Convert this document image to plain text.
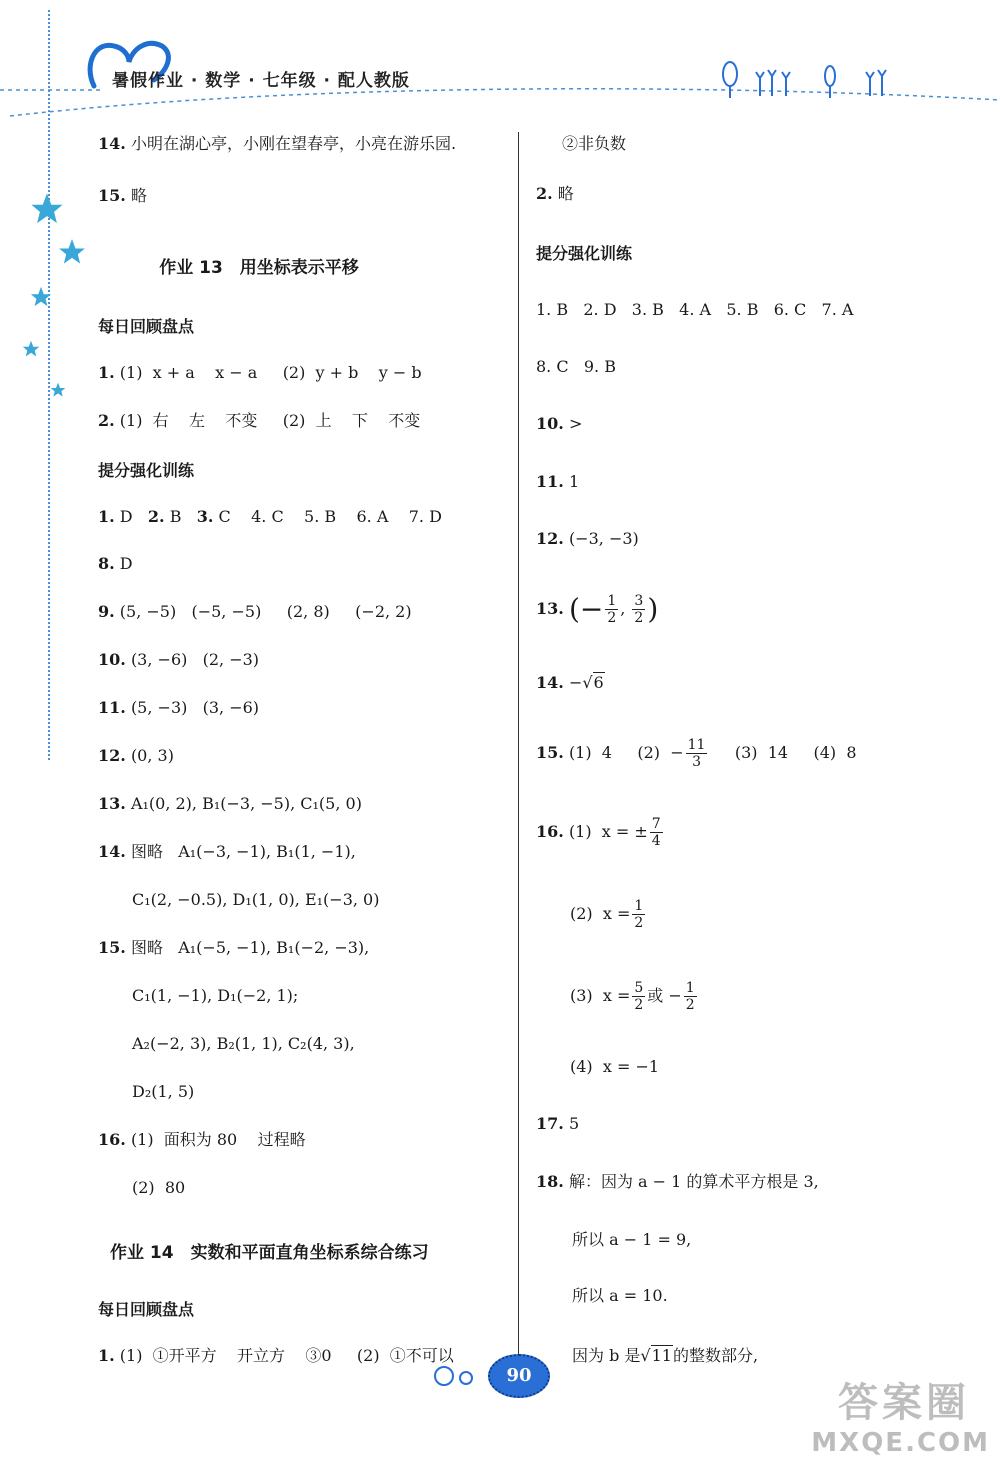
暑假作业 · 数学 · 七年级 · 配人教版
14. 小明在湖心亭，小刚在望春亭，小亮在游乐园.
15. 略
作业 13　用坐标表示平移
每日回顾盘点
1. (1)  x + a    x − a     (2)  y + b    y − b
2. (1)  右    左    不变     (2)  上    下    不变
提分强化训练
1. D   2. B   3. C    4. C    5. B    6. A    7. D
8. D
9. (5, −5)   (−5, −5)     (2, 8)     (−2, 2)
10. (3, −6)   (2, −3)
11. (5, −3)   (3, −6)
12. (0, 3)
13. A₁(0, 2), B₁(−3, −5), C₁(5, 0)
14. 图略   A₁(−3, −1), B₁(1, −1),
C₁(2, −0.5), D₁(1, 0), E₁(−3, 0)
15. 图略   A₁(−5, −1), B₁(−2, −3),
C₁(1, −1), D₁(−2, 1);
A₂(−2, 3), B₂(1, 1), C₂(4, 3),
D₂(1, 5)
16. (1)  面积为 80    过程略
(2)  80
作业 14　实数和平面直角坐标系综合练习
每日回顾盘点
1. (1)  ①开平方    开立方    ③0     (2)  ①不可以
②非负数
2. 略
提分强化训练
1. B   2. D   3. B   4. A   5. B   6. C   7. A
8. C   9. B
10. >
11. 1
12. (−3, −3)
13. (− $\frac{1}{2}$ , $\frac{3}{2}$ )
14. −√6
15. (1)  4     $(2) - \frac{11}{3} (3)$  14     (4)  8
16. (1)  x = ± $\frac{7}{4}$
(2)  $x = \frac{1}{2}$
(3)  $x = \frac{5}{2}$ 或 − $\frac{1}{2}$
(4)  x = −1
17. 5
18. 解：因为 a − 1 的算术平方根是 3,
所以 a − 1 = 9,
所以 a = 10.
因为 b 是√11的整数部分,
90
答案圈
MXQE.COM
